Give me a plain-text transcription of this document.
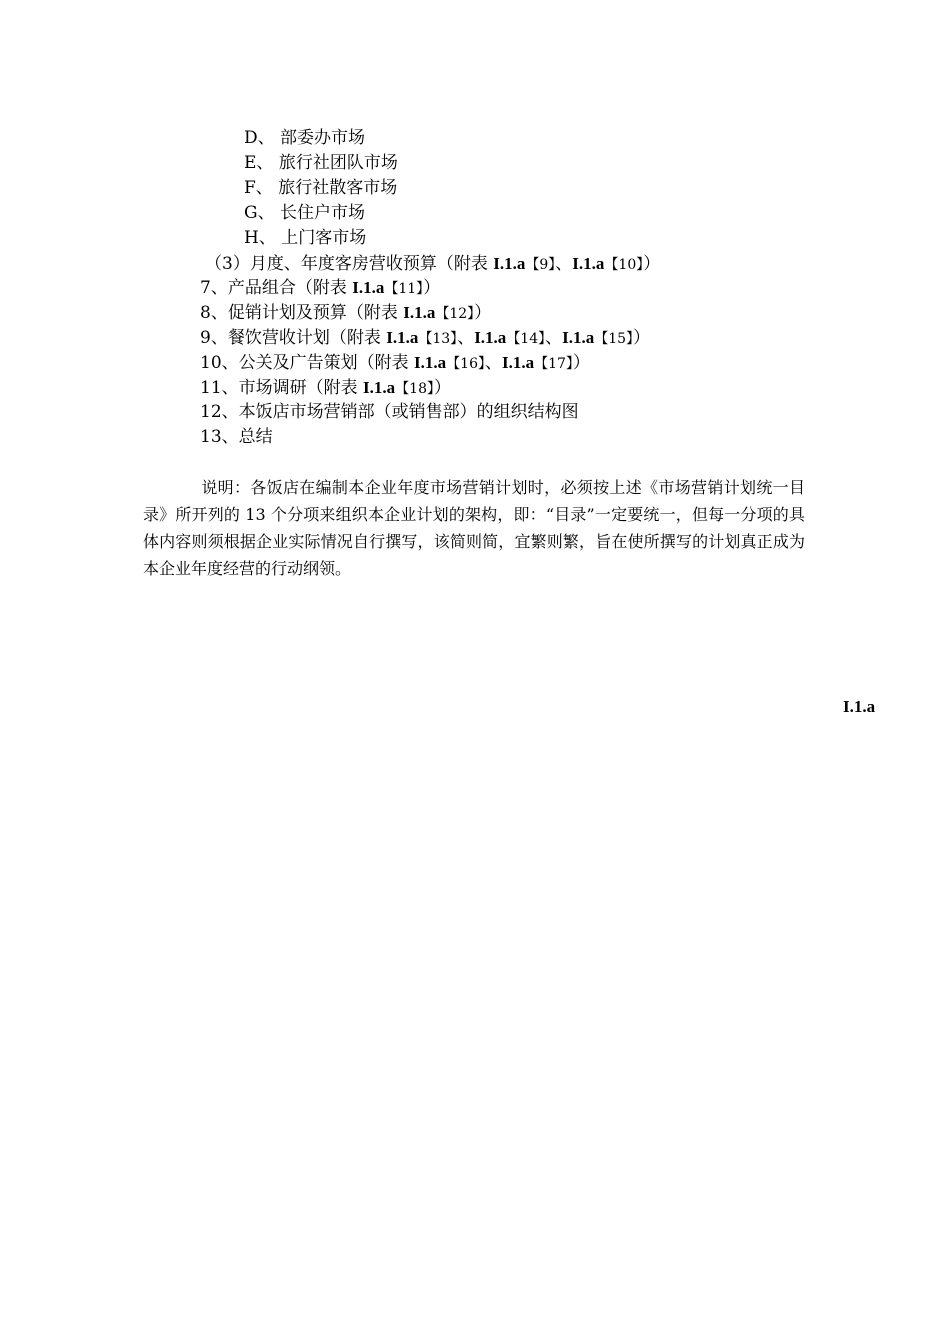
D、 部委办市场
E、 旅行社团队市场
F、 旅行社散客市场
G、 长住户市场
H、 上门客市场
（3）月度、年度客房营收预算（附表 I.1.a【9】、I.1.a【10】）
7、产品组合（附表 I.1.a【11】）
8、促销计划及预算（附表 I.1.a【12】）
9、餐饮营收计划（附表 I.1.a【13】、I.1.a【14】、I.1.a【15】）
10、公关及广告策划（附表 I.1.a【16】、I.1.a【17】）
11、市场调研（附表 I.1.a【18】）
12、本饭店市场营销部（或销售部）的组织结构图
13、总结
说明：各饭店在编制本企业年度市场营销计划时，必须按上述《市场营销计划统一目录》所开列的 13 个分项来组织本企业计划的架构，即：“目录”一定要统一，但每一分项的具体内容则须根据企业实际情况自行撰写，该简则简，宜繁则繁，旨在使所撰写的计划真正成为本企业年度经营的行动纲领。
I.1.a
